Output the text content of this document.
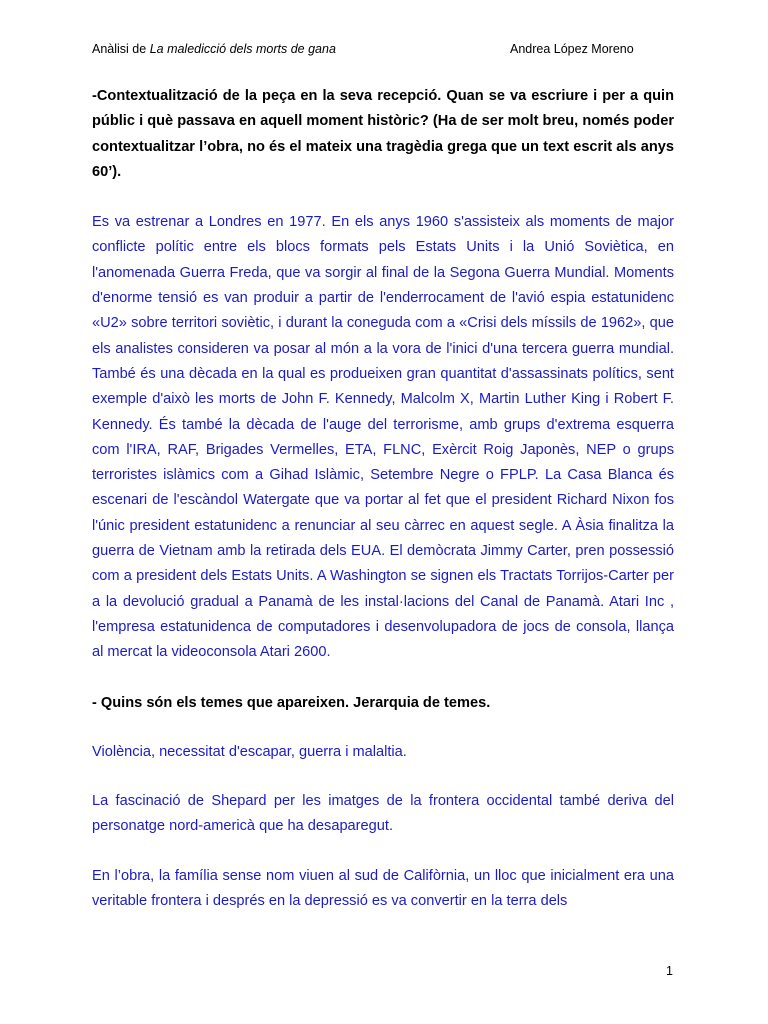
Anàlisi de La maledicció dels morts de gana	Andrea López Moreno

-Contextualització de la peça en la seva recepció. Quan se va escriure i per a quin públic i què passava en aquell moment històric? (Ha de ser molt breu, només poder contextualitzar l’obra, no és el mateix una tragèdia grega que un text escrit als anys 60’).

Es va estrenar a Londres en 1977. En els anys 1960 s'assisteix als moments de major conflicte polític entre els blocs formats pels Estats Units i la Unió Soviètica, en l'anomenada Guerra Freda, que va sorgir al final de la Segona Guerra Mundial. Moments d'enorme tensió es van produir a partir de l'enderrocament de l'avió espia estatunidenc «U2» sobre territori soviètic, i durant la coneguda com a «Crisi dels míssils de 1962», que els analistes consideren va posar al món a la vora de l'inici d'una tercera guerra mundial. També és una dècada en la qual es produeixen gran quantitat d'assassinats polítics, sent exemple d'això les morts de John F. Kennedy, Malcolm X, Martin Luther King i Robert F. Kennedy. És també la dècada de l'auge del terrorisme, amb grups d'extrema esquerra com l'IRA, RAF, Brigades Vermelles, ETA, FLNC, Exèrcit Roig Japonès, NEP o grups terroristes islàmics com a Gihad Islàmic, Setembre Negre o FPLP. La Casa Blanca és escenari de l'escàndol Watergate que va portar al fet que el president Richard Nixon fos l'únic president estatunidenc a renunciar al seu càrrec en aquest segle. A Àsia finalitza la guerra de Vietnam amb la retirada dels EUA. El demòcrata Jimmy Carter, pren possessió com a president dels Estats Units. A Washington se signen els Tractats Torrijos-Carter per a la devolució gradual a Panamà de les instal·lacions del Canal de Panamà. Atari Inc , l'empresa estatunidenca de computadores i desenvolupadora de jocs de consola, llança al mercat la videoconsola Atari 2600.

- Quins són els temes que apareixen. Jerarquia de temes.

Violència, necessitat d'escapar, guerra i malaltia.

La fascinació de Shepard per les imatges de la frontera occidental també deriva del personatge nord-americà que ha desaparegut.

En l’obra, la família sense nom viuen al sud de Califòrnia, un lloc que inicialment era una veritable frontera i després en la depressió es va convertir en la terra dels

1
